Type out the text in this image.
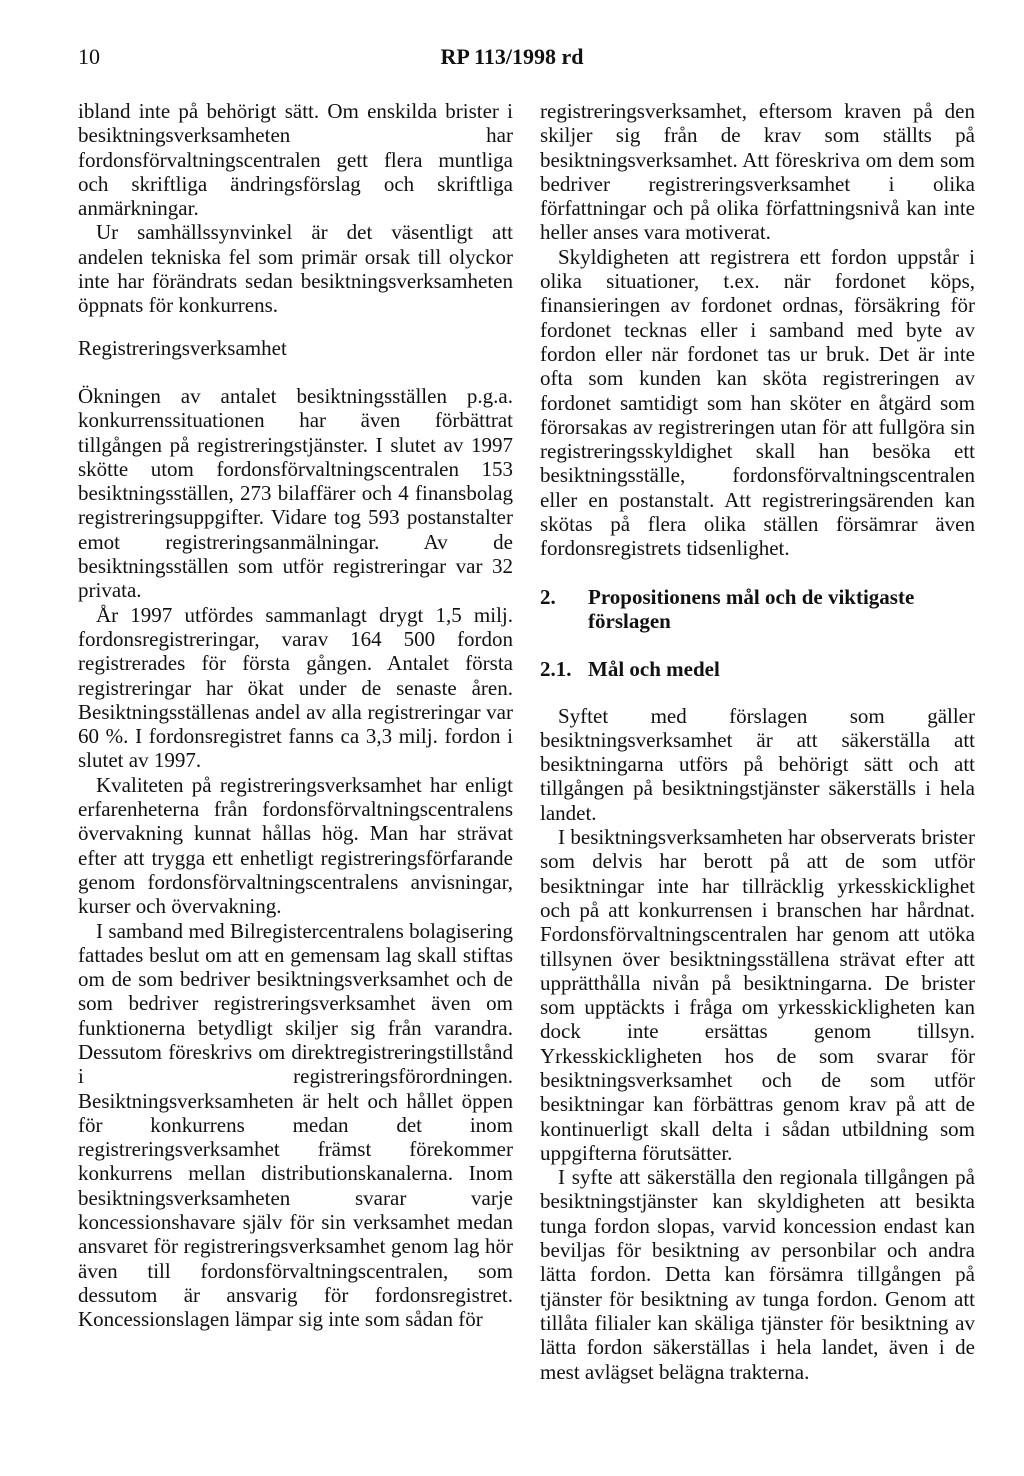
10	RP 113/1998 rd

ibland inte på behörigt sätt. Om enskilda brister i besiktningsverksamheten har fordonsförvaltningscentralen gett flera muntliga och skriftliga ändringsförslag och skriftliga anmärkningar.

Ur samhällssynvinkel är det väsentligt att andelen tekniska fel som primär orsak till olyckor inte har förändrats sedan besiktningsverksamheten öppnats för konkurrens.

Registreringsverksamhet

Ökningen av antalet besiktningsställen p.g.a. konkurrenssituationen har även förbättrat tillgången på registreringstjänster. I slutet av 1997 skötte utom fordonsförvaltningscentralen 153 besiktningsställen, 273 bilaffärer och 4 finansbolag registreringsuppgifter. Vidare tog 593 postanstalter emot registreringsanmälningar. Av de besiktningsställen som utför registreringar var 32 privata.

År 1997 utfördes sammanlagt drygt 1,5 milj. fordonsregistreringar, varav 164 500 fordon registrerades för första gången. Antalet första registreringar har ökat under de senaste åren. Besiktningsställenas andel av alla registreringar var 60 %. I fordonsregistret fanns ca 3,3 milj. fordon i slutet av 1997.

Kvaliteten på registreringsverksamhet har enligt erfarenheterna från fordonsförvaltningscentralens övervakning kunnat hållas hög. Man har strävat efter att trygga ett enhetligt registreringsförfarande genom fordonsförvaltningscentralens anvisningar, kurser och övervakning.

I samband med Bilregistercentralens bolagisering fattades beslut om att en gemensam lag skall stiftas om de som bedriver besiktningsverksamhet och de som bedriver registreringsverksamhet även om funktionerna betydligt skiljer sig från varandra. Dessutom föreskrivs om direktregistreringstillstånd i registreringsförordningen. Besiktningsverksamheten är helt och hållet öppen för konkurrens medan det inom registreringsverksamhet främst förekommer konkurrens mellan distributionskanalerna. Inom besiktningsverksamheten svarar varje koncessionshavare själv för sin verksamhet medan ansvaret för registreringsverksamhet genom lag hör även till fordonsförvaltningscentralen, som dessutom är ansvarig för fordonsregistret. Koncessionslagen lämpar sig inte som sådan för

registreringsverksamhet, eftersom kraven på den skiljer sig från de krav som ställts på besiktningsverksamhet. Att föreskriva om dem som bedriver registreringsverksamhet i olika författningar och på olika författningsnivå kan inte heller anses vara motiverat.

Skyldigheten att registrera ett fordon uppstår i olika situationer, t.ex. när fordonet köps, finansieringen av fordonet ordnas, försäkring för fordonet tecknas eller i samband med byte av fordon eller när fordonet tas ur bruk. Det är inte ofta som kunden kan sköta registreringen av fordonet samtidigt som han sköter en åtgärd som förorsakas av registreringen utan för att fullgöra sin registreringsskyldighet skall han besöka ett besiktningsställe, fordonsförvaltningscentralen eller en postanstalt. Att registreringsärenden kan skötas på flera olika ställen försämrar även fordonsregistrets tidsenlighet.

2.	Propositionens mål och de viktigaste förslagen
2.1. Mål och medel

Syftet med förslagen som gäller besiktningsverksamhet är att säkerställa att besiktningarna utförs på behörigt sätt och att tillgången på besiktningstjänster säkerställs i hela landet.

I besiktningsverksamheten har observerats brister som delvis har berott på att de som utför besiktningar inte har tillräcklig yrkesskicklighet och på att konkurrensen i branschen har hårdnat. Fordonsförvaltningscentralen har genom att utöka tillsynen över besiktningsställena strävat efter att upprätthålla nivån på besiktningarna. De brister som upptäckts i fråga om yrkesskickligheten kan dock inte ersättas genom tillsyn. Yrkesskickligheten hos de som svarar för besiktningsverksamhet och de som utför besiktningar kan förbättras genom krav på att de kontinuerligt skall delta i sådan utbildning som uppgifterna förutsätter.

I syfte att säkerställa den regionala tillgången på besiktningstjänster kan skyldigheten att besikta tunga fordon slopas, varvid koncession endast kan beviljas för besiktning av personbilar och andra lätta fordon. Detta kan försämra tillgången på tjänster för besiktning av tunga fordon. Genom att tillåta filialer kan skäliga tjänster för besiktning av lätta fordon säkerställas i hela landet, även i de mest avlägset belägna trakterna.
